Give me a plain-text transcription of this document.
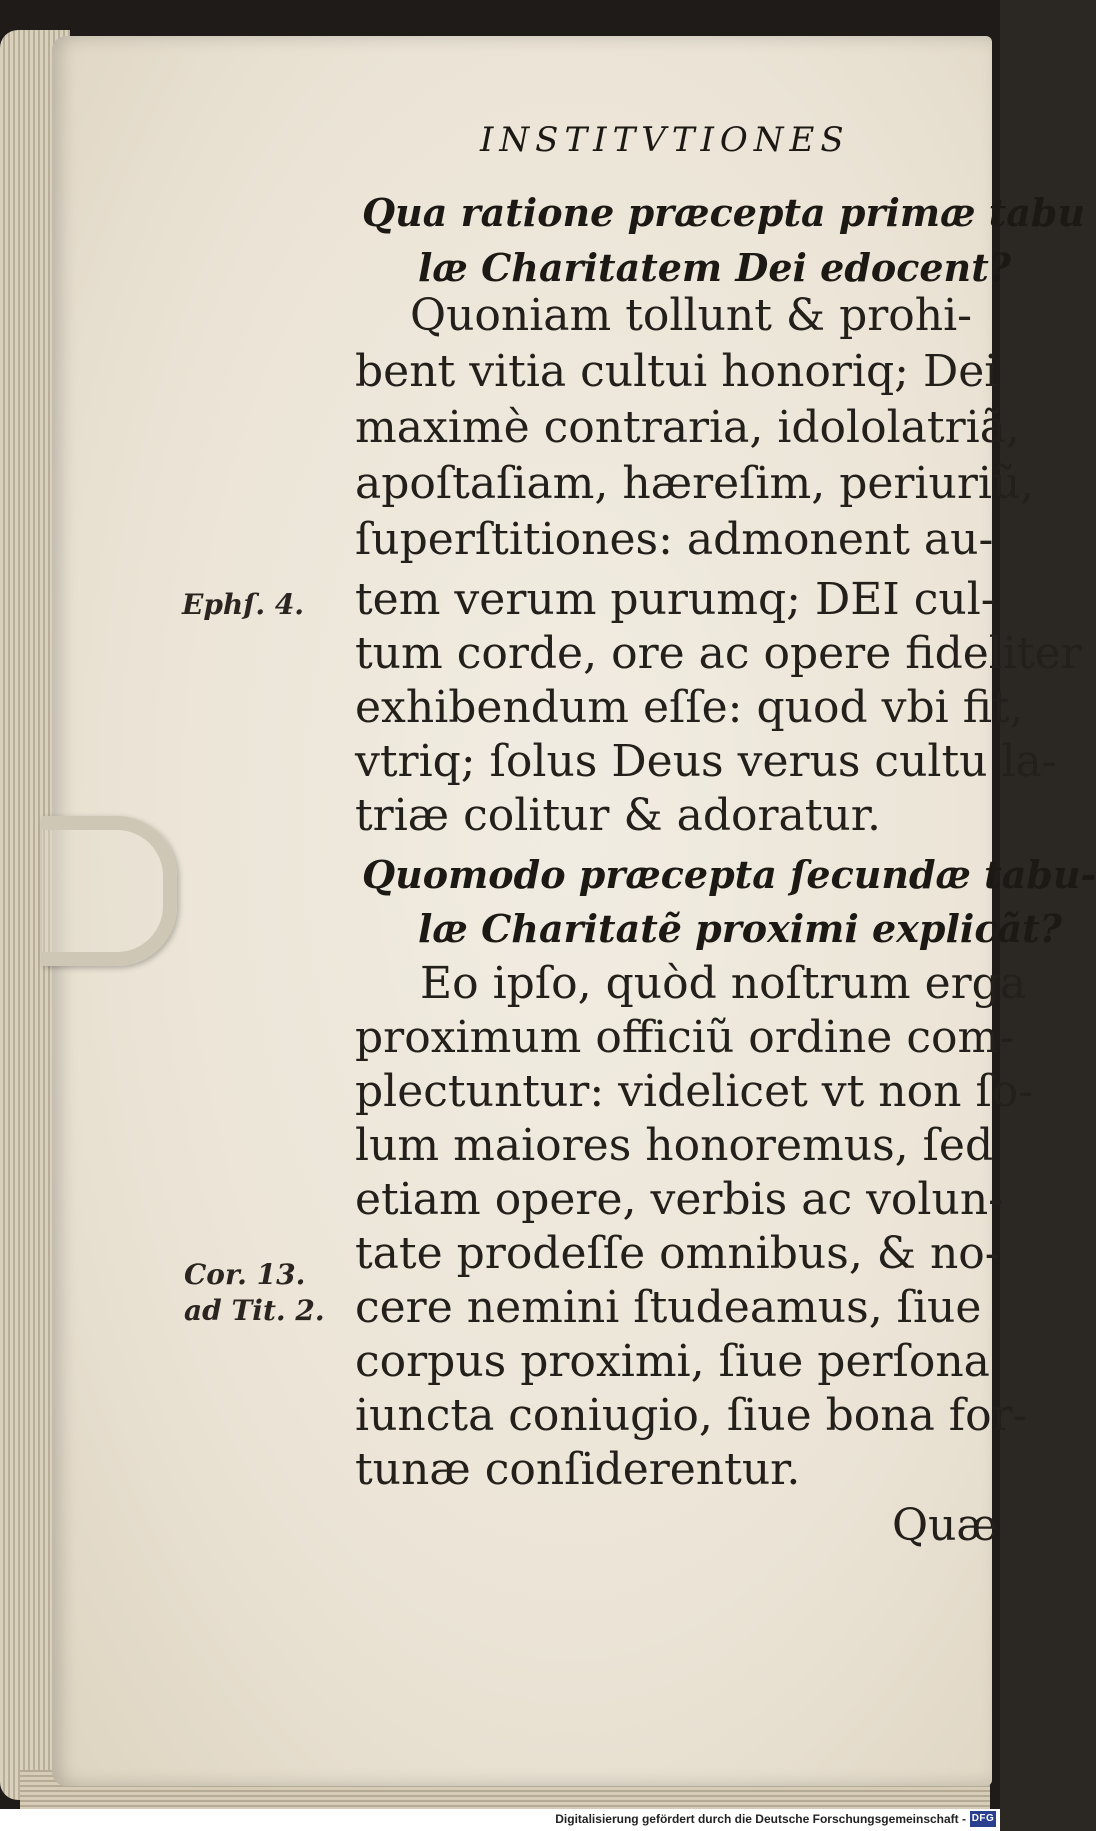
INSTITVTIONES
Qua ratione præcepta primæ tabu
læ Charitatem Dei edocent?
Quoniam tollunt & prohi-
bent vitia cultui honoriq; Dei
maximè contraria, idololatriã,
apoſtaſiam, hæreſim, periuriũ,
ſuperſtitiones: admonent au-
tem verum purumq; DEI cul-
tum corde, ore ac opere fideliter
exhibendum eſſe: quod vbi fit,
vtriq; ſolus Deus verus cultu la-
triæ colitur & adoratur.
Quomodo præcepta ſecundæ tabu-
læ Charitatẽ proximi explicãt?
Eo ipſo, quòd noſtrum erga
proximum officiũ ordine com-
plectuntur: videlicet vt non ſo-
lum maiores honoremus, ſed
etiam opere, verbis ac volun-
tate prodeſſe omnibus, & no-
cere nemini ſtudeamus, ſiue
corpus proximi, ſiue perſona
iuncta coniugio, ſiue bona for-
tunæ conſiderentur.
Ephſ. 4.
Cor. 13.
ad Tit. 2.
Quæ
Digitalisierung gefördert durch die Deutsche Forschungsgemeinschaft - DFG
